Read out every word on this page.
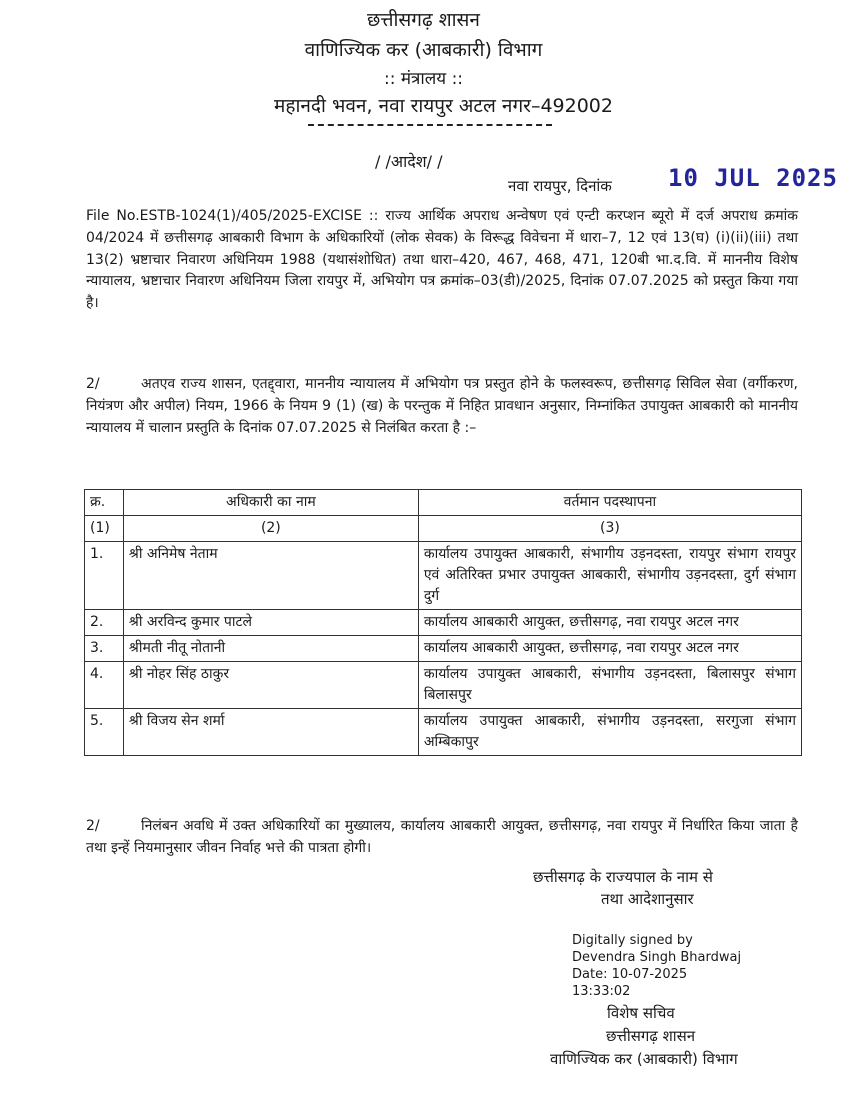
छत्तीसगढ़ शासन
वाणिज्यिक कर (आबकारी) विभाग
:: मंत्रालय ::
महानदी भवन, नवा रायपुर अटल नगर–492002
/ /आदेश/ /
नवा रायपुर, दिनांक 10 JUL 2025
File No.ESTB-1024(1)/405/2025-EXCISE :: राज्य आर्थिक अपराध अन्वेषण एवं एन्टी करप्शन ब्यूरो में दर्ज अपराध क्रमांक 04/2024 में छत्तीसगढ़ आबकारी विभाग के अधिकारियों (लोक सेवक) के विरूद्ध विवेचना में धारा–7, 12 एवं 13(घ) (i)(ii)(iii) तथा 13(2) भ्रष्टाचार निवारण अधिनियम 1988 (यथासंशोधित) तथा धारा–420, 467, 468, 471, 120बी भा.द.वि. में माननीय विशेष न्यायालय, भ्रष्टाचार निवारण अधिनियम जिला रायपुर में, अभियोग पत्र क्रमांक–03(डी)/2025, दिनांक 07.07.2025 को प्रस्तुत किया गया है।
2/	अतएव राज्य शासन, एतद्द्वारा, माननीय न्यायालय में अभियोग पत्र प्रस्तुत होने के फलस्वरूप, छत्तीसगढ़ सिविल सेवा (वर्गीकरण, नियंत्रण और अपील) नियम, 1966 के नियम 9 (1) (ख) के परन्तुक में निहित प्रावधान अनुसार, निम्नांकित उपायुक्त आबकारी को माननीय न्यायालय में चालान प्रस्तुति के दिनांक 07.07.2025 से निलंबित करता है :–
क्र.	अधिकारी का नाम	वर्तमान पदस्थापना
(1)	(2)	(3)
1.	श्री अनिमेष नेताम	कार्यालय उपायुक्त आबकारी, संभागीय उड़नदस्ता, रायपुर संभाग रायपुर एवं अतिरिक्त प्रभार उपायुक्त आबकारी, संभागीय उड़नदस्ता, दुर्ग संभाग दुर्ग
2.	श्री अरविन्द कुमार पाटले	कार्यालय आबकारी आयुक्त, छत्तीसगढ़, नवा रायपुर अटल नगर
3.	श्रीमती नीतू नोतानी	कार्यालय आबकारी आयुक्त, छत्तीसगढ़, नवा रायपुर अटल नगर
4.	श्री नोहर सिंह ठाकुर	कार्यालय उपायुक्त आबकारी, संभागीय उड़नदस्ता, बिलासपुर संभाग बिलासपुर
5.	श्री विजय सेन शर्मा	कार्यालय उपायुक्त आबकारी, संभागीय उड़नदस्ता, सरगुजा संभाग अम्बिकापुर
2/	निलंबन अवधि में उक्त अधिकारियों का मुख्यालय, कार्यालय आबकारी आयुक्त, छत्तीसगढ़, नवा रायपुर में निर्धारित किया जाता है तथा इन्हें नियमानुसार जीवन निर्वाह भत्ते की पात्रता होगी।
छत्तीसगढ़ के राज्यपाल के नाम से
तथा आदेशानुसार
Digitally signed by
Devendra Singh Bhardwaj
Date: 10-07-2025
13:33:02
विशेष सचिव
छत्तीसगढ़ शासन
वाणिज्यिक कर (आबकारी) विभाग
